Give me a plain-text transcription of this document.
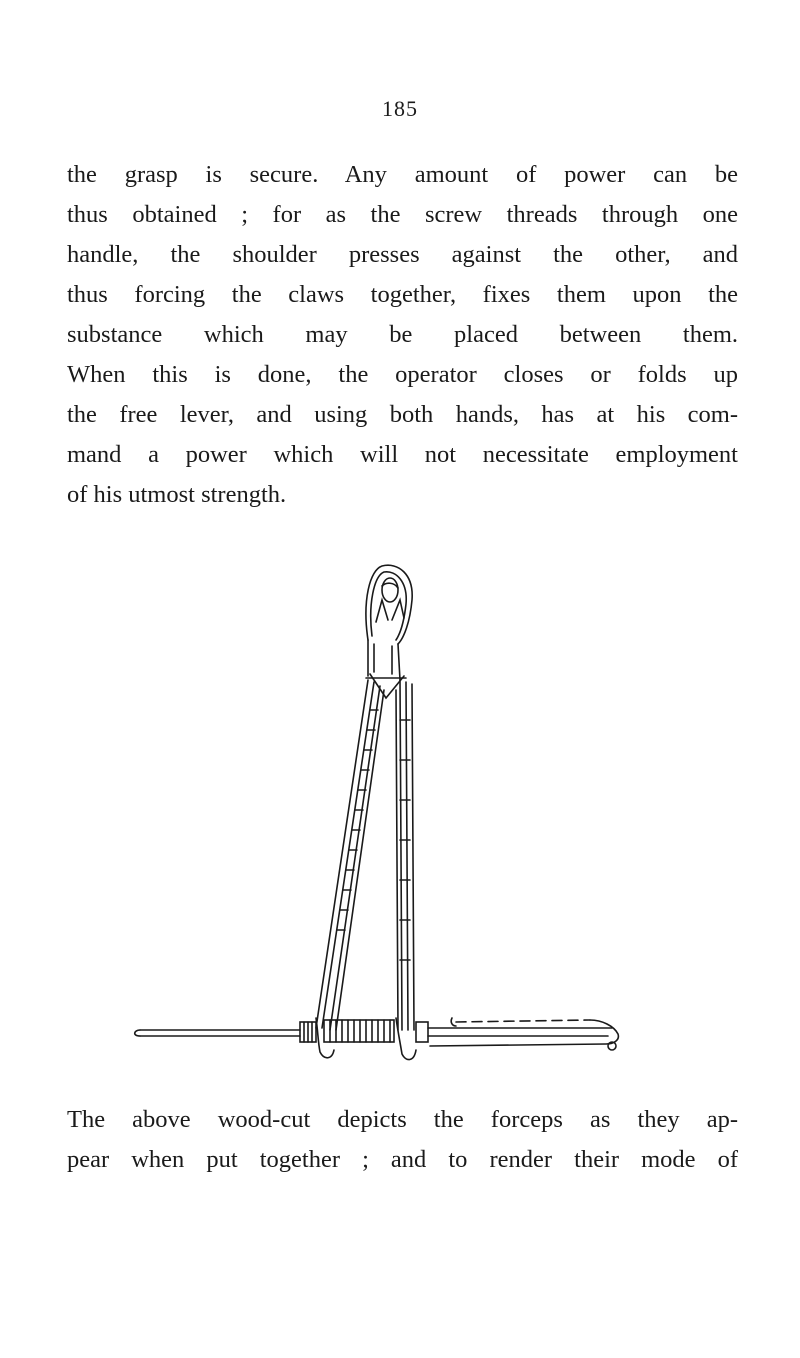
185
the grasp is secure. Any amount of power can be
thus obtained ; for as the screw threads through one
handle, the shoulder presses against the other, and
thus forcing the claws together, fixes them upon the
substance which may be placed between them.
When this is done, the operator closes or folds up
the free lever, and using both hands, has at his com-
mand a power which will not necessitate employment
of his utmost strength.
The above wood-cut depicts the forceps as they ap-
pear when put together ; and to render their mode of
